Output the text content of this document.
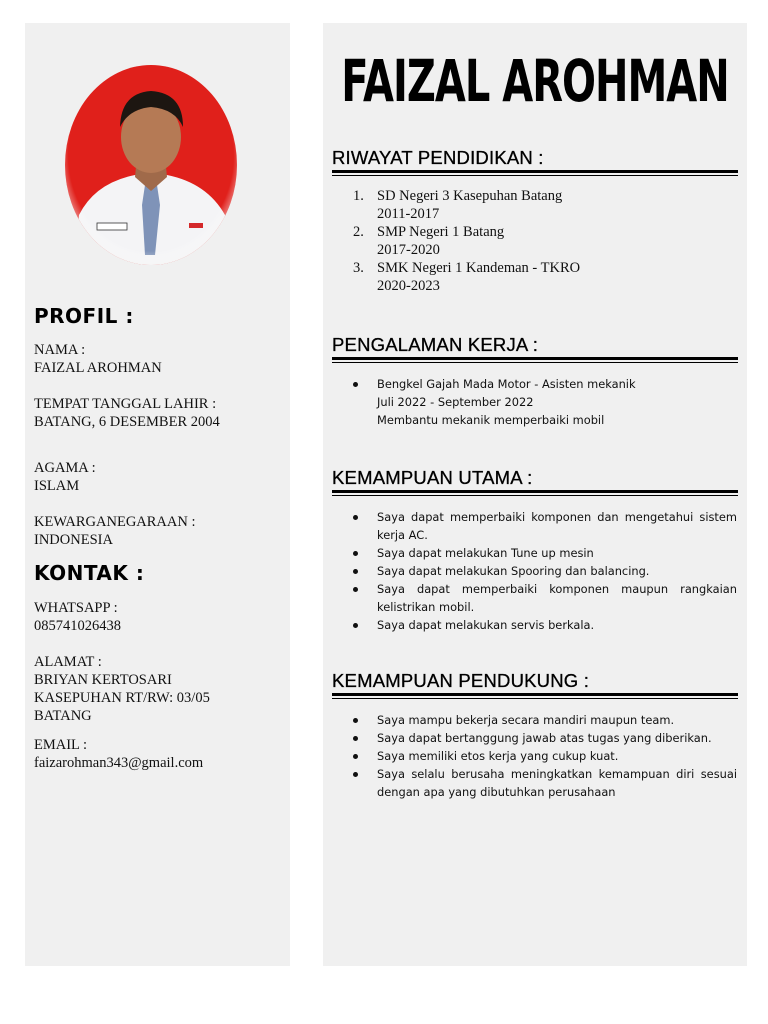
PROFIL :
NAMA :
FAIZAL AROHMAN
TEMPAT TANGGAL LAHIR :
BATANG, 6 DESEMBER 2004
AGAMA :
ISLAM
KEWARGANEGARAAN :
INDONESIA
KONTAK :
WHATSAPP :
085741026438
ALAMAT :
BRIYAN KERTOSARI
KASEPUHAN RT/RW: 03/05
BATANG
EMAIL :
faizarohman343@gmail.com
FAIZAL AROHMAN
RIWAYAT PENDIDIKAN :
1. SD Negeri 3 Kasepuhan Batang
2011-2017
2. SMP Negeri 1 Batang
2017-2020
3. SMK Negeri 1 Kandeman - TKRO
2020-2023
PENGALAMAN KERJA :
Bengkel Gajah Mada Motor - Asisten mekanik
Juli 2022 - September 2022
Membantu mekanik memperbaiki mobil
KEMAMPUAN UTAMA :
Saya dapat memperbaiki komponen dan mengetahui sistem kerja AC.
Saya dapat melakukan Tune up mesin
Saya dapat melakukan Spooring dan balancing.
Saya dapat memperbaiki komponen maupun rangkaian kelistrikan mobil.
Saya dapat melakukan servis berkala.
KEMAMPUAN PENDUKUNG :
Saya mampu bekerja secara mandiri maupun team.
Saya dapat bertanggung jawab atas tugas yang diberikan.
Saya memiliki etos kerja yang cukup kuat.
Saya selalu berusaha meningkatkan kemampuan diri sesuai dengan apa yang dibutuhkan perusahaan
